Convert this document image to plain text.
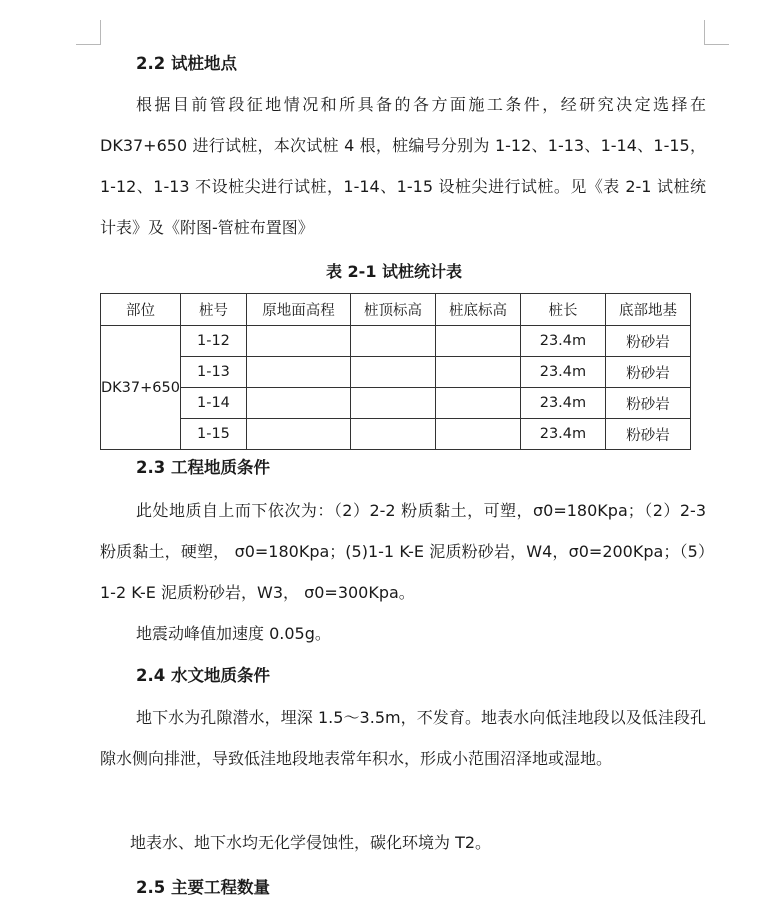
2.2 试桩地点

根据目前管段征地情况和所具备的各方面施工条件，经研究决定选择在 DK37+650 进行试桩，本次试桩 4 根，桩编号分别为 1-12、1-13、1-14、1-15，1-12、1-13 不设桩尖进行试桩，1-14、1-15 设桩尖进行试桩。见《表 2-1 试桩统计表》及《附图-管桩布置图》

表 2-1 试桩统计表
部位	桩号	原地面高程	桩顶标高	桩底标高	桩长	底部地基
DK37+650	1-12				23.4m	粉砂岩
	1-13				23.4m	粉砂岩
	1-14				23.4m	粉砂岩
	1-15				23.4m	粉砂岩
2.3 工程地质条件

此处地质自上而下依次为：（2）2-2 粉质黏土，可塑，σ0=180Kpa；（2）2-3 粉质黏土，硬塑， σ0=180Kpa；(5)1-1 K-E 泥质粉砂岩，W4，σ0=200Kpa；（5）1-2 K-E 泥质粉砂岩，W3， σ0=300Kpa。

地震动峰值加速度 0.05g。
2.4 水文地质条件

地下水为孔隙潜水，埋深 1.5～3.5m，不发育。地表水向低洼地段以及低洼段孔隙水侧向排泄，导致低洼地段地表常年积水，形成小范围沼泽地或湿地。

地表水、地下水均无化学侵蚀性，碳化环境为 T2。
2.5 主要工程数量
